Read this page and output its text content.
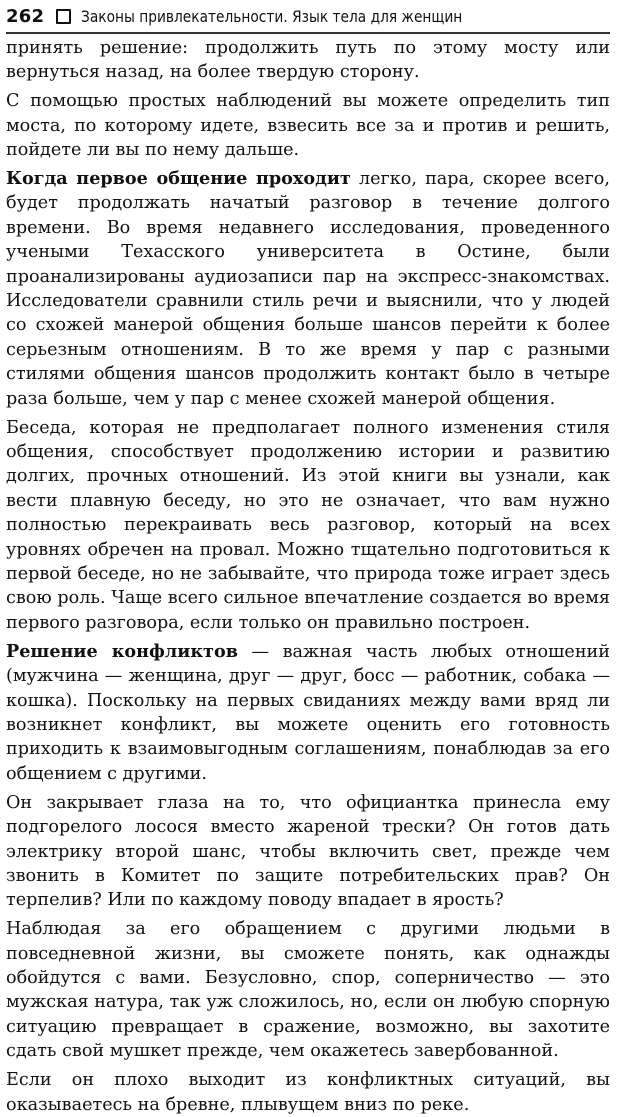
262 Законы привлекательности. Язык тела для женщин

принять решение: продолжить путь по этому мосту или вернуться назад, на более твердую сторону.

С помощью простых наблюдений вы можете определить тип моста, по которому идете, взвесить все за и против и решить, пойдете ли вы по нему дальше.

Когда первое общение проходит легко, пара, скорее всего, будет продолжать начатый разговор в течение долгого времени. Во время недавнего исследования, проведенного учеными Техасского университета в Остине, были проанализированы аудиозаписи пар на экспресс-знакомствах. Исследователи сравнили стиль речи и выяснили, что у людей со схожей манерой общения больше шансов перейти к более серьезным отношениям. В то же время у пар с разными стилями общения шансов продолжить контакт было в четыре раза больше, чем у пар с менее схожей манерой общения.

Беседа, которая не предполагает полного изменения стиля общения, способствует продолжению истории и развитию долгих, прочных отношений. Из этой книги вы узнали, как вести плавную беседу, но это не означает, что вам нужно полностью перекраивать весь разговор, который на всех уровнях обречен на провал. Можно тщательно подготовиться к первой беседе, но не забывайте, что природа тоже играет здесь свою роль. Чаще всего сильное впечатление создается во время первого разговора, если только он правильно построен.

Решение конфликтов — важная часть любых отношений (мужчина — женщина, друг — друг, босс — работник, собака — кошка). Поскольку на первых свиданиях между вами вряд ли возникнет конфликт, вы можете оценить его готовность приходить к взаимовыгодным соглашениям, понаблюдав за его общением с другими.

Он закрывает глаза на то, что официантка принесла ему подгорелого лосося вместо жареной трески? Он готов дать электрику второй шанс, чтобы включить свет, прежде чем звонить в Комитет по защите потребительских прав? Он терпелив? Или по каждому поводу впадает в ярость?

Наблюдая за его обращением с другими людьми в повседневной жизни, вы сможете понять, как однажды обойдутся с вами. Безусловно, спор, соперничество — это мужская натура, так уж сложилось, но, если он любую спорную ситуацию превращает в сражение, возможно, вы захотите сдать свой мушкет прежде, чем окажетесь завербованной.

Если он плохо выходит из конфликтных ситуаций, вы оказываетесь на бревне, плывущем вниз по реке.
